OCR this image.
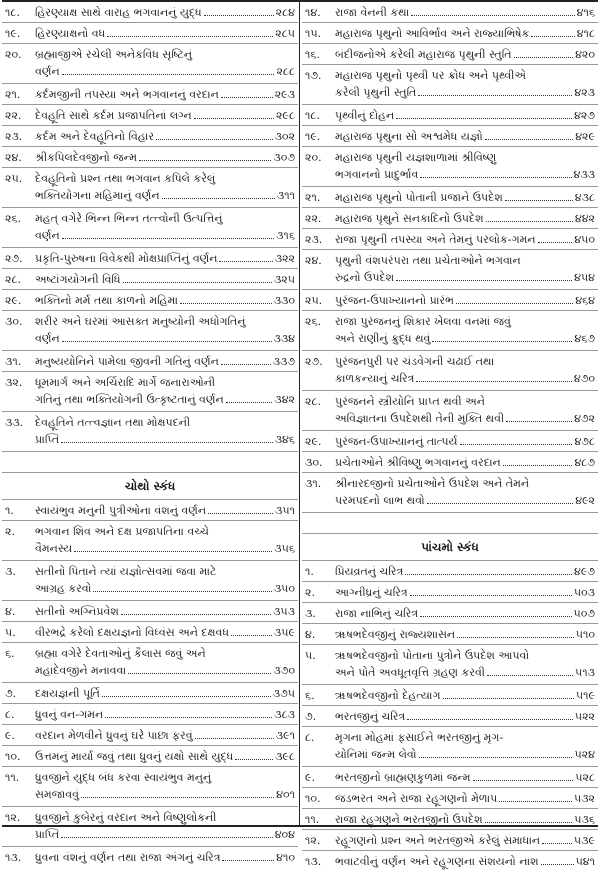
૧૮.	હિરણ્યાક્ષ સાથે વારાહ ભગવાનનું યુદ્ધ	૨૮૪
૧૯.	હિરણ્યાક્ષનો વધ	૨૮૫
૨૦.	બ્રહ્માજીએ રચેલી અનેકવિધ સૃષ્ટિનું
વર્ણન	૨૮૮
૨૧.	કર્દમજીની તપસ્યા અને ભગવાનનું વરદાન	૨૯૩
૨૨.	દેવહૂતિ સાથે કર્દમ પ્રજાપતિનાં લગ્ન	૨૯૮
૨૩.	કર્દમ અને દેવહૂતિનો વિહાર	૩૦૨
૨૪.	શ્રીકપિલદેવજીનો જન્મ	૩૦૭
૨૫.	દેવહૂતિનો પ્રશ્ન તથા ભગવાન કપિલે કરેલું
ભક્તિયોગના મહિમાનું વર્ણન	૩૧૧
૨૬.	મહત્ વગેરે ભિન્ન ભિન્ન તત્ત્વોની ઉત્પત્તિનું
વર્ણન	૩૧૬
૨૭.	પ્રકૃતિ-પુરુષના વિવેકથી મોક્ષપ્રાપ્તિનું વર્ણન	૩૨૨
૨૮.	અષ્ટાંગયોગની વિધિ	૩૨૫
૨૯.	ભક્તિનો મર્મ તથા કાળનો મહિમા	૩૩૦
૩૦.	શરીર અને ઘરમાં આસક્ત મનુષ્યોની અધોગતિનું
વર્ણન	૩૩૪
૩૧.	મનુષ્યયોનિને પામેલા જીવની ગતિનું વર્ણન	૩૩૭
૩૨.	ધૂમમાર્ગ અને અર્ચિરાદિ માર્ગે જનારાઓની
ગતિનું તથા ભક્તિયોગની ઉત્કૃષ્ટતાનું વર્ણન	૩૪૨
૩૩.	દેવહૂતિને તત્ત્વજ્ઞાન તથા મોક્ષપદની
પ્રાપ્તિ	૩૪૬
ચોથો સ્કંધ
૧.	સ્વાયંભુવ મનુની પુત્રીઓના વંશનું વર્ણન	૩૫૧
૨.	ભગવાન શિવ અને દક્ષ પ્રજાપતિના વચ્ચે
વૈમનસ્ય	૩૫૬
૩.	સતીનો પિતાને ત્યાં યજ્ઞોત્સવમાં જવા માટે
આગ્રહ કરવો	૩૫૦
૪.	સતીનો અગ્નિપ્રવેશ	૩૫૩
૫.	વીરભદ્રે કરેલો દક્ષયજ્ઞનો વિધ્વંસ અને દક્ષવધ	૩૫૯
૬.	બ્રહ્મા વગેરે દેવતાઓનું કૈલાસ જવું અને
મહાદેવજીને મનાવવા	૩૭૦
૭.	દક્ષયજ્ઞની પૂર્તિ	૩૭૫
૮.	ધ્રુવનું વન-ગમન	૩૮૩
૯.	વરદાન મેળવીને ધ્રુવનું ઘરે પાછા ફરવું	૩૯૧
૧૦.	ઉત્તમનું માર્યા જવું તથા ધ્રુવનું યક્ષો સાથે યુદ્ધ	૩૯૮
૧૧.	ધ્રુવજીને યુદ્ધ બંધ કરવા સ્વાયંભુવ મનુનું
સમજાવવું	૪૦૧
૧૨.	ધ્રુવજીને કુબેરનું વરદાન અને વિષ્ણુલોકની
પ્રાપ્તિ	૪૦૪
૧૩.	ધ્રુવના વંશનું વર્ણન તથા રાજા અંગનું ચરિત્ર	૪૧૦
૧૪.	રાજા વેનની કથા	૪૧૬
૧૫.	મહારાજ પૃથુનો આવિર્ભાવ અને રાજ્યાભિષેક	૪૧૮
૧૬.	બંદીજનોએ કરેલી મહારાજ પૃથુની સ્તુતિ	૪૨૦
૧૭.	મહારાજ પૃથુનો પૃથ્વી પર ક્રોધ અને પૃથ્વીએ
કરેલી પૃથુની સ્તુતિ	૪૨૩
૧૮.	પૃથ્વીનું દોહન	૪૨૭
૧૯.	મહારાજ પૃથુના સો અશ્વમેધ યજ્ઞો	૪૨૯
૨૦.	મહારાજ પૃથુની યજ્ઞશાળામાં શ્રીવિષ્ણુ
ભગવાનનો પ્રાદુર્ભાવ	૪૩૩
૨૧.	મહારાજ પૃથુનો પોતાની પ્રજાને ઉપદેશ	૪૩૮
૨૨.	મહારાજ પૃથુને સનકાદિનો ઉપદેશ	૪૪૨
૨૩.	રાજા પૃથુની તપસ્યા અને તેમનું પરલોક-ગમન	૪૫૦
૨૪.	પૃથુની વંશપરંપરા તથા પ્રચેતાઓને ભગવાન
રુદ્રનો ઉપદેશ	૪૫૪
૨૫.	પુરંજન-ઉપાખ્યાનનો પ્રારંભ	૪૬૪
૨૬.	રાજા પુરંજનનું શિકાર ખેલવા વનમાં જવું
અને રાણીનું ક્રુદ્ધ થવું	૪૬૭
૨૭.	પુરંજનપુરી પર ચંડવેગની ચઢાઈ તથા
કાળકન્યાનું ચરિત્ર	૪૭૦
૨૮.	પુરંજનને સ્ત્રીયોનિ પ્રાપ્ત થવી અને
અવિજ્ઞાતના ઉપદેશથી તેની મુક્તિ થવી	૪૭૨
૨૯.	પુરંજન-ઉપાખ્યાનનું તાત્પર્ય	૪૭૮
૩૦.	પ્રચેતાઓને શ્રીવિષ્ણુ ભગવાનનું વરદાન	૪૮૭
૩૧.	શ્રીનારદજીનો પ્રચેતાઓને ઉપદેશ અને તેમને
પરમપદનો લાભ થવો	૪૯૨
પાંચમો સ્કંધ
૧.	પ્રિયવ્રતનું ચરિત્ર	૪૯૭
૨.	આગ્નીધ્રનું ચરિત્ર	૫૦૩
૩.	રાજા નાભિનું ચરિત્ર	૫૦૭
૪.	ૠષભદેવજીનું રાજ્યશાસન	૫૧૦
૫.	ૠષભદેવજીનો પોતાના પુત્રોને ઉપદેશ આપવો
અને પોતે અવધૂતવૃત્તિ ગ્રહણ કરવી	૫૧૩
૬.	ૠષભદેવજીનો દેહત્યાગ	૫૧૯
૭.	ભરતજીનું ચરિત્ર	૫૨૨
૮.	મૃગના મોહમાં ફસાઈને ભરતજીનું મૃગ-
યોનિમાં જન્મ લેવો	૫૨૪
૯.	ભરતજીનો બ્રાહ્મણકુળમાં જન્મ	૫૨૮
૧૦.	જડભરત અને રાજા રહૂગણનો મેળાપ	૫૩૨
૧૧.	રાજા રહૂગણને ભરતજીનો ઉપદેશ	૫૩૬
૧૨.	રહૂગણનો પ્રશ્ન અને ભરતજીએ કરેલું સમાધાન	૫૩૯
૧૩.	ભવાટવીનું વર્ણન અને રહૂગણના સંશયનો નાશ	૫૪૧
